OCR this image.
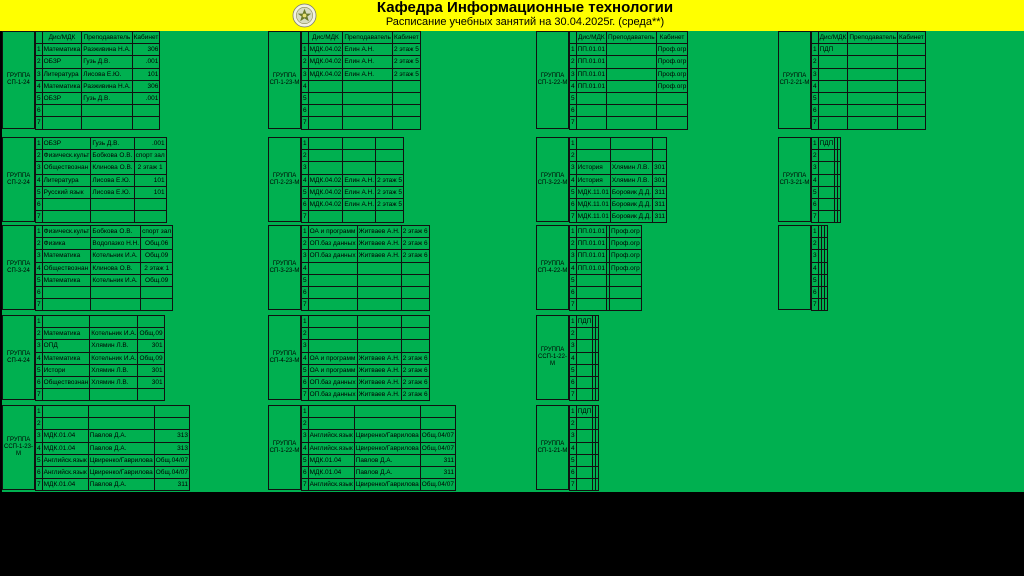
Кафедра Информационные технологии
Расписание учебных занятий на 30.04.2025г. (среда**)
ГРУППА СП-1-24
	Дис/МДК	Преподаватель	Кабинет
1	Математика	Разживина Н.А.	306
2	ОБЗР	Гузь Д.В.	.001
3	Литература	Лисова Е.Ю.	101
4	Математика	Разживина Н.А.	306
5	ОБЗР	Гузь Д.В.	.001
6			
7			
ГРУППА СП-1-23-М
	Дис/МДК	Преподаватель	Кабинет
1	МДК.04.02	Елин А.Н.	2 этаж 5
2	МДК.04.02	Елин А.Н.	2 этаж 5
3	МДК.04.02	Елин А.Н.	2 этаж 5
4			
5			
6			
7			
ГРУППА СП-1-22-М
	Дис/МДК	Преподаватель	Кабинет
1	ПП.01.01		Проф.огр
2	ПП.01.01		Проф.огр
3	ПП.01.01		Проф.огр
4	ПП.01.01		Проф.огр
5			
6			
7			
ГРУППА СП-2-21-М
	Дис/МДК	Преподаватель	Кабинет
1	ПДП		
2			
3			
4			
5			
6			
7			
ГРУППА СП-2-24
1	ОБЗР	Гузь Д.В.	.001
2	Физическ.культ	Бобкова О.В.	спорт зал
3	Обществознан	Клинова О.В.	2 этаж 1
4	Литература	Лисова Е.Ю.	101
5	Русский язык	Лисова Е.Ю.	101
6			
7			
ГРУППА СП-2-23-М
1			
2			
3			
4	МДК.04.02	Елин А.Н.	2 этаж 5
5	МДК.04.02	Елин А.Н.	2 этаж 5
6	МДК.04.02	Елин А.Н.	2 этаж 5
7			
ГРУППА СП-3-22-М
1			
2			
3	История	Хлямин Л.В.	301
4	История	Хлямин Л.В.	301
5	МДК.11.01	Боровик Д.Д.	311
6	МДК.11.01	Боровик Д.Д.	311
7	МДК.11.01	Боровик Д.Д.	311
ГРУППА СП-3-21-М
1	ПДП		
2			
3			
4			
5			
6			
7			
ГРУППА СП-3-24
1	Физическ.культ	Бобкова О.В.	спорт зал
2	Физика	Водолазко Н.Н.	Общ.06
3	Математика	Котельник И.А.	Общ.09
4	Обществознан	Клинова О.В.	2 этаж 1
5	Математика	Котельник И.А.	Общ.09
6			
7			
ГРУППА СП-3-23-М
1	ОА и программ	Житваев А.Н.	2 этаж 6
2	ОП.баз данных	Житваев А.Н.	2 этаж 6
3	ОП.баз данных	Житваев А.Н.	2 этаж 6
4			
5			
6			
7			
ГРУППА СП-4-22-М
1	ПП.01.01		Проф.огр
2	ПП.01.01		Проф.огр
3	ПП.01.01		Проф.огр
4	ПП.01.01		Проф.огр
5			
6			
7			
1			
2			
3			
4			
5			
6			
7			
ГРУППА СП-4-24
1			
2	Математика	Котельник И.А.	Общ.09
3	ОПД	Хлямин Л.В.	301
4	Математика	Котельник И.А.	Общ.09
5	Истори	Хлямин Л.В.	301
6	Обществознан	Хлямин Л.В.	301
7			
ГРУППА СП-4-23-М
1			
2			
3			
4	ОА и программ	Житваев А.Н.	2 этаж 6
5	ОА и программ	Житваев А.Н.	2 этаж 6
6	ОП.баз данных	Житваев А.Н.	2 этаж 6
7	ОП.баз данных	Житваев А.Н.	2 этаж 6
ГРУППА ССП-1-22-М
1	ПДП		
2			
3			
4			
5			
6			
7			
ГРУППА ССП-1-23-М
1			
2			
3	МДК.01.04	Павлов Д.А.	313
4	МДК.01.04	Павлов Д.А.	313
5	Английск.язык	Цвиренко/Гаврилова	Общ.04/07
6	Английск.язык	Цвиренко/Гаврилова	Общ.04/07
7	МДК.01.04	Павлов Д.А.	311
ГРУППА СП-1-22-М
1			
2			
3	Английск.язык	Цвиренко/Гаврилова	Общ.04/07
4	Английск.язык	Цвиренко/Гаврилова	Общ.04/07
5	МДК.01.04	Павлов Д.А.	311
6	МДК.01.04	Павлов Д.А.	311
7	Английск.язык	Цвиренко/Гаврилова	Общ.04/07
ГРУППА СП-1-21-М
1	ПДП		
2			
3			
4			
5			
6			
7			
